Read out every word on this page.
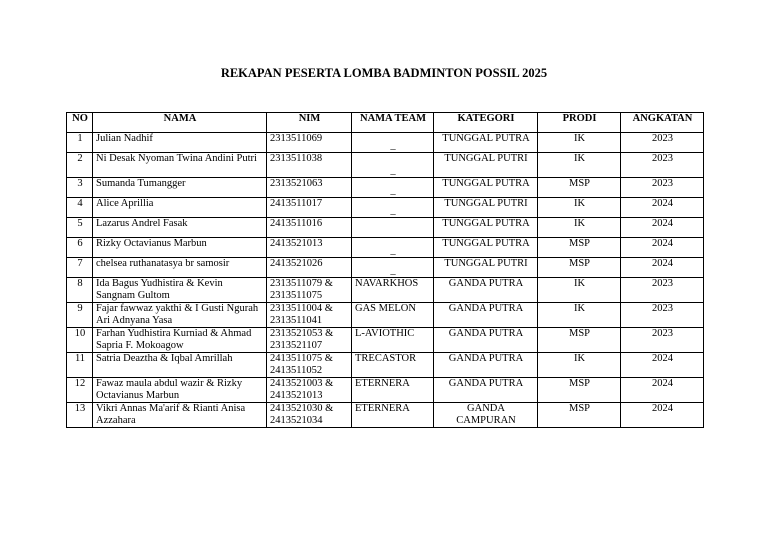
REKAPAN PESERTA LOMBA BADMINTON POSSIL 2025
NO	NAMA	NIM	NAMA TEAM	KATEGORI	PRODI	ANGKATAN
1	Julian Nadhif	2313511069	_	TUNGGAL PUTRA	IK	2023
2	Ni Desak Nyoman Twina Andini Putri	2313511038	_	TUNGGAL PUTRI	IK	2023
3	Sumanda Tumangger	2313521063	_	TUNGGAL PUTRA	MSP	2023
4	Alice Aprillia	2413511017	_	TUNGGAL PUTRI	IK	2024
5	Lazarus Andrel Fasak	2413511016		TUNGGAL PUTRA	IK	2024
6	Rizky Octavianus Marbun	2413521013	_	TUNGGAL PUTRA	MSP	2024
7	chelsea ruthanatasya br samosir	2413521026	_	TUNGGAL PUTRI	MSP	2024
8	Ida Bagus Yudhistira & Kevin Sangnam Gultom	2313511079 & 2313511075	NAVARKHOS	GANDA PUTRA	IK	2023
9	Fajar fawwaz yakthi & I Gusti Ngurah Ari Adnyana Yasa	2313511004 & 2313511041	GAS MELON	GANDA PUTRA	IK	2023
10	Farhan Yudhistira Kurniad & Ahmad Sapria F. Mokoagow	2313521053 & 2313521107	L-AVIOTHIC	GANDA PUTRA	MSP	2023
11	Satria Deaztha & Iqbal Amrillah	2413511075 & 2413511052	TRECASTOR	GANDA PUTRA	IK	2024
12	Fawaz maula abdul wazir & Rizky Octavianus Marbun	2413521003 & 2413521013	ETERNERA	GANDA PUTRA	MSP	2024
13	Vikri Annas Ma'arif & Rianti Anisa Azzahara	2413521030 & 2413521034	ETERNERA	GANDA CAMPURAN	MSP	2024
